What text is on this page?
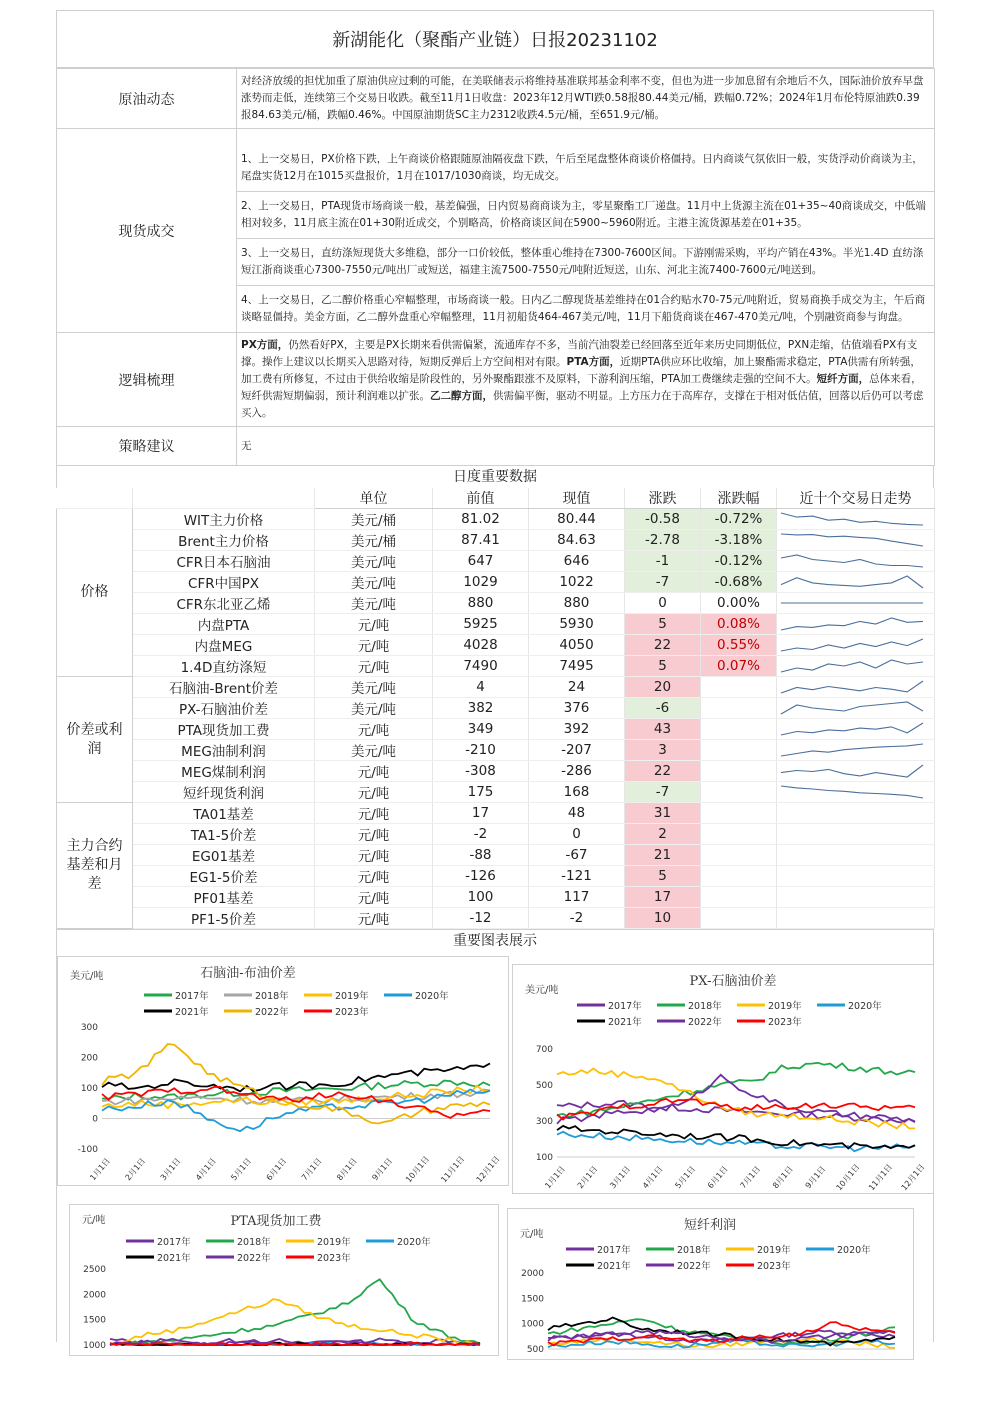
新湖能化（聚酯产业链）日报20231102
原油动态	对经济放缓的担忧加重了原油供应过剩的可能，在美联储表示将维持基准联邦基金利率不变，但也为进一步加息留有余地后不久，国际油价放弃早盘涨势而走低，连续第三个交易日收跌。截至11月1日收盘：2023年12月WTI跌0.58报80.44美元/桶，跌幅0.72%；2024年1月布伦特原油跌0.39报84.63美元/桶，跌幅0.46%。中国原油期货SC主力2312收跌4.5元/桶，至651.9元/桶。
现货成交	1、上一交易日，PX价格下跌，上午商谈价格跟随原油隔夜盘下跌，午后至尾盘整体商谈价格僵持。日内商谈气氛依旧一般，实货浮动价商谈为主，尾盘实货12月在1015买盘报价，1月在1017/1030商谈，均无成交。
	2、上一交易日，PTA现货市场商谈一般，基差偏强，日内贸易商商谈为主，零星聚酯工厂递盘。11月中上货源主流在01+35~40商谈成交，中低端相对较多，11月底主流在01+30附近成交，个别略高，价格商谈区间在5900~5960附近。主港主流货源基差在01+35。
	3、上一交易日，直纺涤短现货大多维稳，部分一口价较低，整体重心维持在7300-7600区间。下游刚需采购，平均产销在43%。半光1.4D 直纺涤短江浙商谈重心7300-7550元/吨出厂或短送，福建主流7500-7550元/吨附近短送，山东、河北主流7400-7600元/吨送到。
	4、上一交易日，乙二醇价格重心窄幅整理，市场商谈一般。日内乙二醇现货基差维持在01合约贴水70-75元/吨附近，贸易商换手成交为主，午后商谈略显僵持。美金方面，乙二醇外盘重心窄幅整理，11月初船货464-467美元/吨，11月下船货商谈在467-470美元/吨，个别融资商参与询盘。
逻辑梳理	PX方面，仍然看好PX，主要是PX长期来看供需偏紧，流通库存不多，当前汽油裂差已经回落至近年来历史同期低位，PXN走缩，估值端看PX有支撑。操作上建议以长期买入思路对待，短期反弹后上方空间相对有限。PTA方面，近期PTA供应环比收缩，加上聚酯需求稳定，PTA供需有所转强，加工费有所修复，不过由于供给收缩是阶段性的，另外聚酯跟涨不及原料，下游利润压缩，PTA加工费继续走强的空间不大。短纤方面，总体来看，短纤供需短期偏弱，预计利润难以扩张。乙二醇方面，供需偏平衡，驱动不明显。上方压力在于高库存，支撑在于相对低估值，回落以后仍可以考虑买入。
策略建议	无
日度重要数据
		单位	前值	现值	涨跌	涨跌幅	近十个交易日走势
价格	WIT主力价格	美元/桶	81.02	80.44	-0.58	-0.72%	

	Brent主力价格	美元/桶	87.41	84.63	-2.78	-3.18%	

	CFR日本石脑油	美元/吨	647	646	-1	-0.12%	

	CFR中国PX	美元/吨	1029	1022	-7	-0.68%	

	CFR东北亚乙烯	美元/吨	880	880	0	0.00%	

	内盘PTA	元/吨	5925	5930	5	0.08%	

	内盘MEG	元/吨	4028	4050	22	0.55%	

	1.4D直纺涤短	元/吨	7490	7495	5	0.07%	

价差或利润	石脑油-Brent价差	美元/吨	4	24	20		

	PX-石脑油价差	美元/吨	382	376	-6		

	PTA现货加工费	元/吨	349	392	43		

	MEG油制利润	美元/吨	-210	-207	3		

	MEG煤制利润	元/吨	-308	-286	22		

	短纤现货利润	元/吨	175	168	-7		

主力合约基差和月差	TA01基差	元/吨	17	48	31		
	TA1-5价差	元/吨	-2	0	2		
	EG01基差	元/吨	-88	-67	21		
	EG1-5价差	元/吨	-126	-121	5		
	PF01基差	元/吨	100	117	17		
	PF1-5价差	元/吨	-12	-2	10		
重要图表展示
石脑油-布油价差
美元/吨
2017年	2018年	2019年	2020年
2021年	2022年	2023年
300
200
100
0
-100
1月1日 2月1日 3月1日 4月1日 5月1日 6月1日 7月1日 8月1日 9月1日 10月1日 11月1日 12月1日
PX-石脑油价差
美元/吨
2017年	2018年	2019年	2020年
2021年	2022年	2023年
700
500
300
100
1月1日 2月1日 3月1日 4月1日 5月1日 6月1日 7月1日 8月1日 9月1日 10月1日 11月1日 12月1日
PTA现货加工费
元/吨
2017年	2018年	2019年	2020年
2021年	2022年	2023年
2500
2000
1500
1000
短纤利润
元/吨
2017年	2018年	2019年	2020年
2021年	2022年	2023年
2000
1500
1000
500
